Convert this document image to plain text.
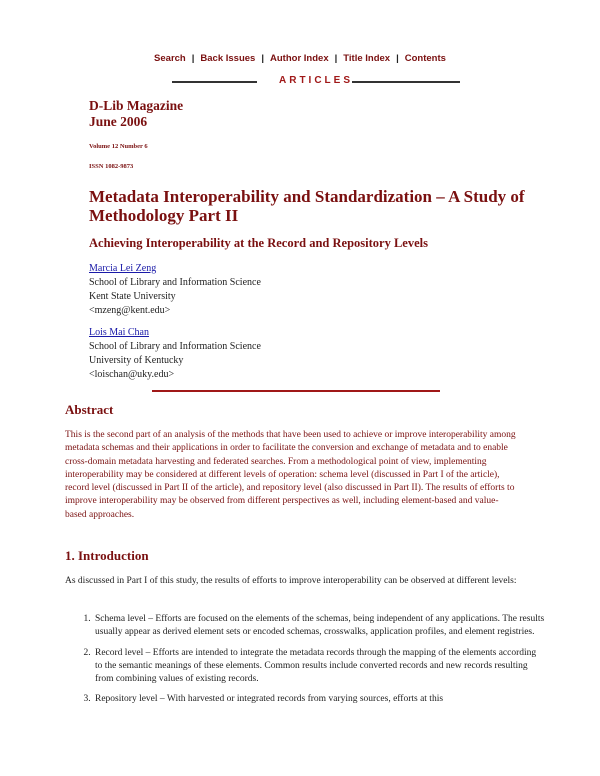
Search | Back Issues | Author Index | Title Index | Contents
ARTICLES
D-Lib Magazine
June 2006
Volume 12 Number 6
ISSN 1082-9873
Metadata Interoperability and Standardization – A Study of Methodology Part II
Achieving Interoperability at the Record and Repository Levels
Marcia Lei Zeng
School of Library and Information Science
Kent State University
<mzeng@kent.edu>
Lois Mai Chan
School of Library and Information Science
University of Kentucky
<loischan@uky.edu>
Abstract

This is the second part of an analysis of the methods that have been used to achieve or improve interoperability among metadata schemas and their applications in order to facilitate the conversion and exchange of metadata and to enable cross-domain metadata harvesting and federated searches. From a methodological point of view, implementing interoperability may be considered at different levels of operation: schema level (discussed in Part I of the article), record level (discussed in Part II of the article), and repository level (also discussed in Part II). The results of efforts to improve interoperability may be observed from different perspectives as well, including element-based and value-based approaches.

1. Introduction

As discussed in Part I of this study, the results of efforts to improve interoperability can be observed at different levels:

1. Schema level – Efforts are focused on the elements of the schemas, being independent of any applications. The results usually appear as derived element sets or encoded schemas, crosswalks, application profiles, and element registries.
2. Record level – Efforts are intended to integrate the metadata records through the mapping of the elements according to the semantic meanings of these elements. Common results include converted records and new records resulting from combining values of existing records.
3. Repository level – With harvested or integrated records from varying sources, efforts at this
